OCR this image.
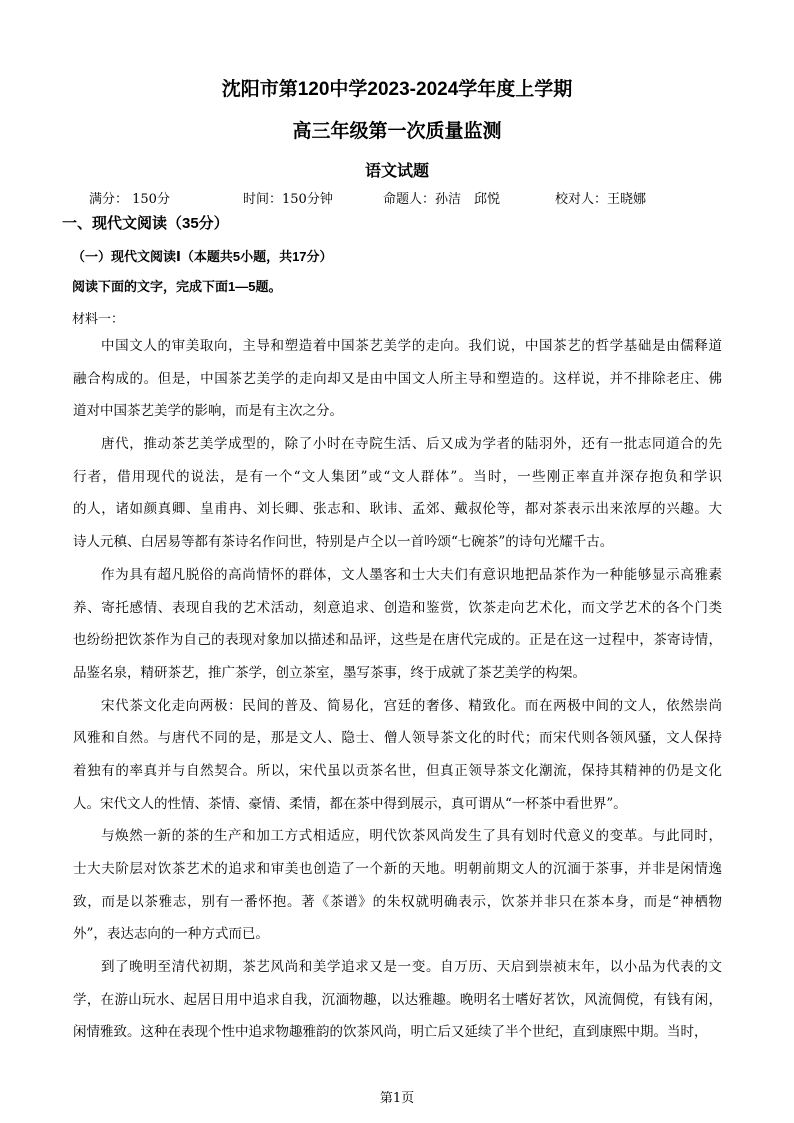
沈阳市第120中学2023-2024学年度上学期
高三年级第一次质量监测
语文试题
满分： 150分	时间：150分钟	命题人：孙洁　邱悦	校对人：王晓娜
一、现代文阅读（35分）
（一）现代文阅读Ⅰ（本题共5小题，共17分）
阅读下面的文字，完成下面1—5题。
材料一：
中国文人的审美取向，主导和塑造着中国茶艺美学的走向。我们说，中国茶艺的哲学基础是由儒释道
融合构成的。但是，中国茶艺美学的走向却又是由中国文人所主导和塑造的。这样说，并不排除老庄、佛
道对中国茶艺美学的影响，而是有主次之分。
唐代，推动茶艺美学成型的，除了小时在寺院生活、后又成为学者的陆羽外，还有一批志同道合的先
行者，借用现代的说法，是有一个“文人集团”或“文人群体”。当时，一些刚正率直并深存抱负和学识
的人，诸如颜真卿、皇甫冉、刘长卿、张志和、耿讳、孟郊、戴叔伦等，都对茶表示出来浓厚的兴趣。大
诗人元稹、白居易等都有茶诗名作问世，特别是卢仝以一首吟颂“七碗茶”的诗句光耀千古。
作为具有超凡脱俗的高尚情怀的群体，文人墨客和士大夫们有意识地把品茶作为一种能够显示高雅素
养、寄托感情、表现自我的艺术活动，刻意追求、创造和鉴赏，饮茶走向艺术化，而文学艺术的各个门类
也纷纷把饮茶作为自己的表现对象加以描述和品评，这些是在唐代完成的。正是在这一过程中，茶寄诗情，
品鉴名泉，精研茶艺，推广茶学，创立茶室，墨写茶事，终于成就了茶艺美学的构架。
宋代茶文化走向两极：民间的普及、简易化，宫廷的奢侈、精致化。而在两极中间的文人，依然崇尚
风雅和自然。与唐代不同的是，那是文人、隐士、僧人领导茶文化的时代；而宋代则各领风骚，文人保持
着独有的率真并与自然契合。所以，宋代虽以贡茶名世，但真正领导茶文化潮流，保持其精神的仍是文化
人。宋代文人的性情、茶情、豪情、柔情，都在茶中得到展示，真可谓从“一杯茶中看世界”。
与焕然一新的茶的生产和加工方式相适应，明代饮茶风尚发生了具有划时代意义的变革。与此同时，
士大夫阶层对饮茶艺术的追求和审美也创造了一个新的天地。明朝前期文人的沉湎于茶事，并非是闲情逸
致，而是以茶雅志，别有一番怀抱。著《茶谱》的朱权就明确表示，饮茶并非只在茶本身，而是“神栖物
外”，表达志向的一种方式而已。
到了晚明至清代初期，茶艺风尚和美学追求又是一变。自万历、天启到崇祯末年，以小品为代表的文
学，在游山玩水、起居日用中追求自我，沉湎物趣，以达雅趣。晚明名士嗜好茗饮，风流倜傥，有钱有闲，
闲情雅致。这种在表现个性中追求物趣雅韵的饮茶风尚，明亡后又延续了半个世纪，直到康熙中期。当时，
第1页
